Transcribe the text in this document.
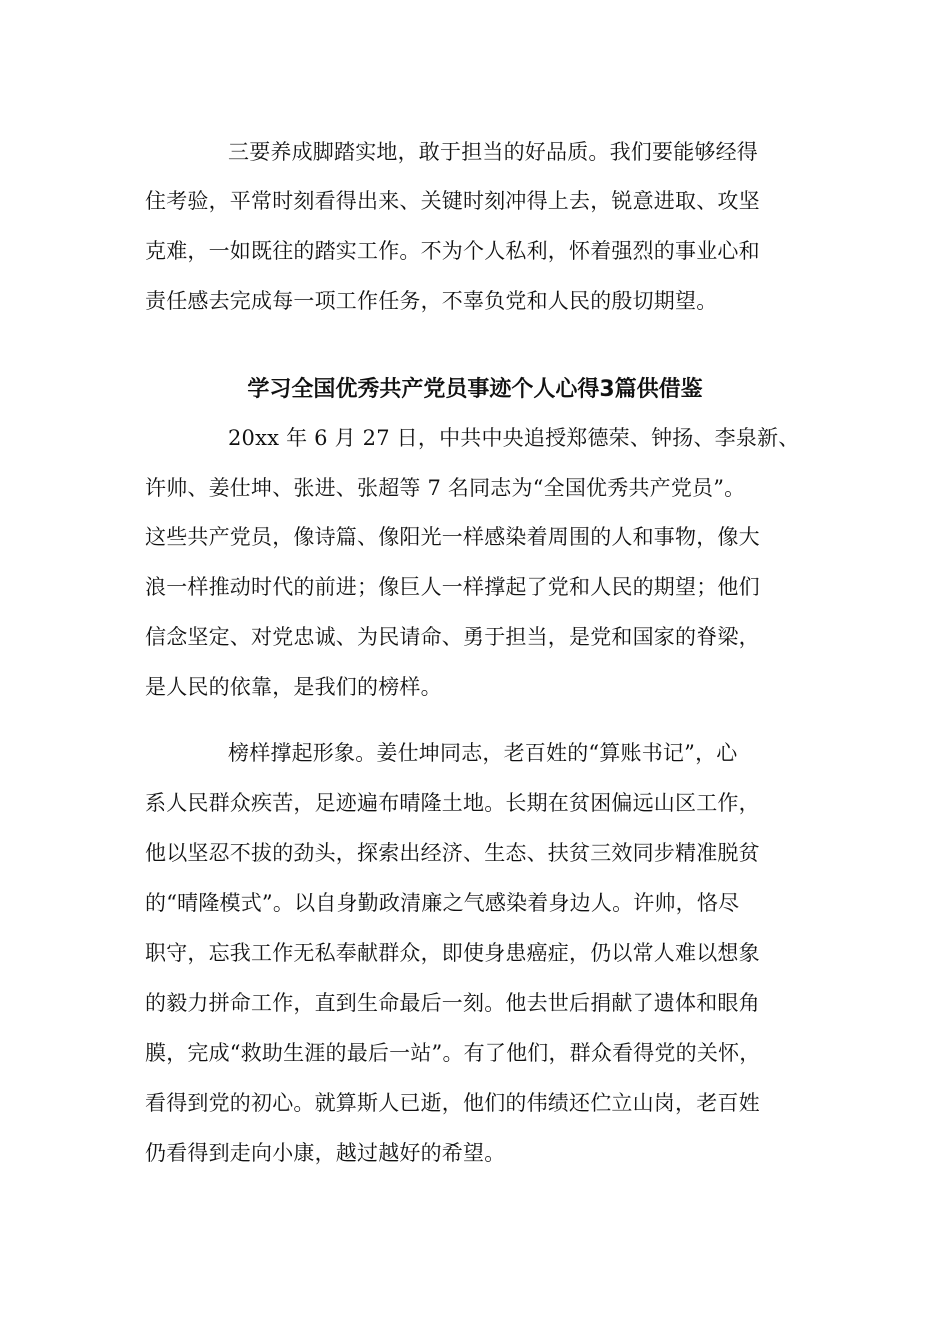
三要养成脚踏实地，敢于担当的好品质。我们要能够经得
住考验，平常时刻看得出来、关键时刻冲得上去，锐意进取、攻坚
克难，一如既往的踏实工作。不为个人私利，怀着强烈的事业心和
责任感去完成每一项工作任务，不辜负党和人民的殷切期望。
学习全国优秀共产党员事迹个人心得3篇供借鉴
20xx 年 6 月 27 日，中共中央追授郑德荣、钟扬、李泉新、
许帅、姜仕坤、张进、张超等 7 名同志为“全国优秀共产党员”。
这些共产党员，像诗篇、像阳光一样感染着周围的人和事物，像大
浪一样推动时代的前进；像巨人一样撑起了党和人民的期望；他们
信念坚定、对党忠诚、为民请命、勇于担当，是党和国家的脊梁，
是人民的依靠，是我们的榜样。
榜样撑起形象。姜仕坤同志，老百姓的“算账书记”，心
系人民群众疾苦，足迹遍布晴隆土地。长期在贫困偏远山区工作，
他以坚忍不拔的劲头，探索出经济、生态、扶贫三效同步精准脱贫
的“晴隆模式”。以自身勤政清廉之气感染着身边人。许帅，恪尽
职守，忘我工作无私奉献群众，即使身患癌症，仍以常人难以想象
的毅力拼命工作，直到生命最后一刻。他去世后捐献了遗体和眼角
膜，完成“救助生涯的最后一站”。有了他们，群众看得党的关怀，
看得到党的初心。就算斯人已逝，他们的伟绩还伫立山岗，老百姓
仍看得到走向小康，越过越好的希望。
